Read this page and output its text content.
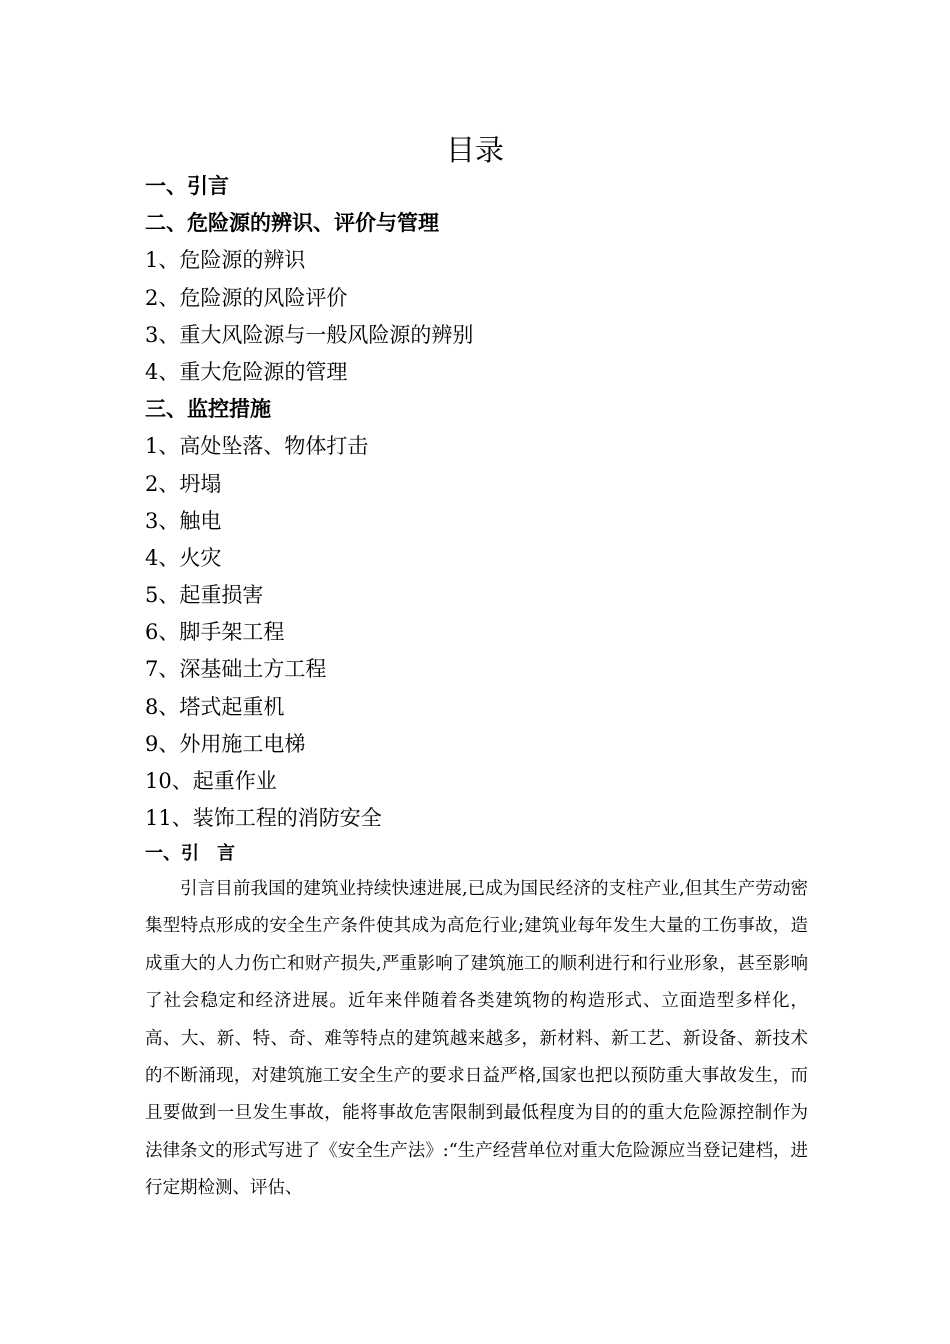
目录
一、引言
二、危险源的辨识、评价与管理
1、危险源的辨识
2、危险源的风险评价
3、重大风险源与一般风险源的辨别
4、重大危险源的管理
三、监控措施
1、高处坠落、物体打击
2、坍塌
3、触电
4、火灾
5、起重损害
6、脚手架工程
7、深基础土方工程
8、塔式起重机
9、外用施工电梯
10、起重作业
11、装饰工程的消防安全
一、引　言

引言目前我国的建筑业持续快速进展,已成为国民经济的支柱产业,但其生产劳动密集型特点形成的安全生产条件使其成为高危行业;建筑业每年发生大量的工伤事故，造成重大的人力伤亡和财产损失,严重影响了建筑施工的顺利进行和行业形象，甚至影响了社会稳定和经济进展。近年来伴随着各类建筑物的构造形式、立面造型多样化，高、大、新、特、奇、难等特点的建筑越来越多，新材料、新工艺、新设备、新技术的不断涌现，对建筑施工安全生产的要求日益严格,国家也把以预防重大事故发生，而且要做到一旦发生事故，能将事故危害限制到最低程度为目的的重大危险源控制作为法律条文的形式写进了《安全生产法》:“生产经营单位对重大危险源应当登记建档，进行定期检测、评估、
